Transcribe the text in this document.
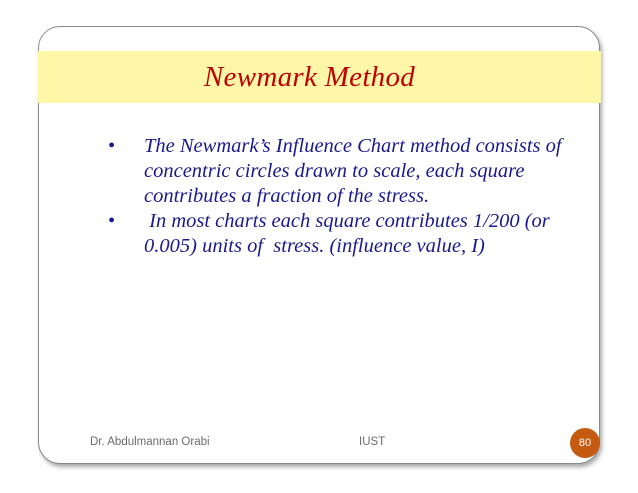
Newmark Method
• The Newmark’s Influence Chart method consists of concentric circles drawn to scale, each square contributes a fraction of the stress.
• In most charts each square contributes 1/200 (or 0.005) units of  stress. (influence value, I)
Dr. Abdulmannan Orabi	IUST	80
